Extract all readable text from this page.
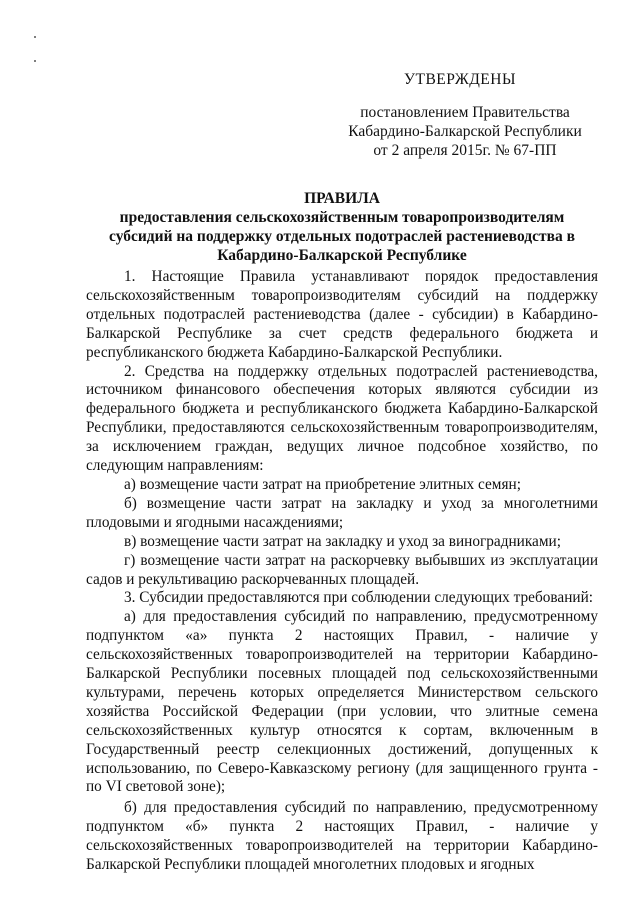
УТВЕРЖДЕНЫ
постановлением Правительства
Кабардино-Балкарской Республики
от 2 апреля 2015г. № 67-ПП
ПРАВИЛА
предоставления сельскохозяйственным товаропроизводителям
субсидий на поддержку отдельных подотраслей растениеводства в
Кабардино-Балкарской Республике

1. Настоящие Правила устанавливают порядок предоставления сельскохозяйственным товаропроизводителям субсидий на поддержку отдельных подотраслей растениеводства (далее - субсидии) в Кабардино-Балкарской Республике за счет средств федерального бюджета и республиканского бюджета Кабардино-Балкарской Республики.

2. Средства на поддержку отдельных подотраслей растениеводства, источником финансового обеспечения которых являются субсидии из федерального бюджета и республиканского бюджета Кабардино-Балкарской Республики, предоставляются сельскохозяйственным товаропроизводителям, за исключением граждан, ведущих личное подсобное хозяйство, по следующим направлениям:

а) возмещение части затрат на приобретение элитных семян;

б) возмещение части затрат на закладку и уход за многолетними плодовыми и ягодными насаждениями;

в) возмещение части затрат на закладку и уход за виноградниками;

г) возмещение части затрат на раскорчевку выбывших из эксплуатации садов и рекультивацию раскорчеванных площадей.

3. Субсидии предоставляются при соблюдении следующих требований:

а) для предоставления субсидий по направлению, предусмотренному подпунктом «а» пункта 2 настоящих Правил, - наличие у сельскохозяйственных товаропроизводителей на территории Кабардино-Балкарской Республики посевных площадей под сельскохозяйственными культурами, перечень которых определяется Министерством сельского хозяйства Российской Федерации (при условии, что элитные семена сельскохозяйственных культур относятся к сортам, включенным в Государственный реестр селекционных достижений, допущенных к использованию, по Северо-Кавказскому региону (для защищенного грунта - по VI световой зоне);

б) для предоставления субсидий по направлению, предусмотренному подпунктом «б» пункта 2 настоящих Правил, - наличие у сельскохозяйственных товаропроизводителей на территории Кабардино-Балкарской Республики площадей многолетних плодовых и ягодных
